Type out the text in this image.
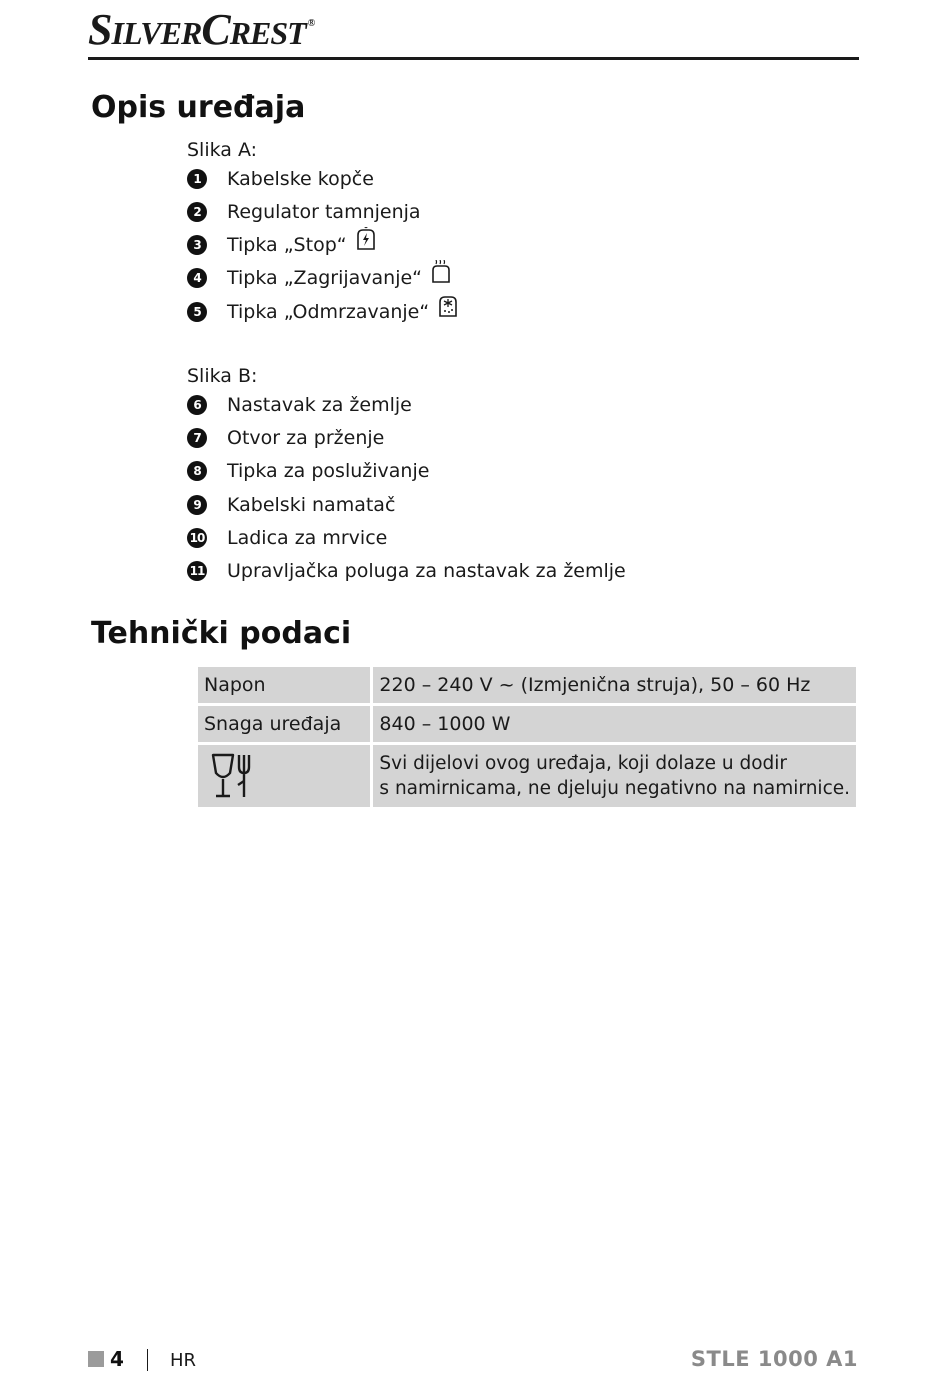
SILVERCREST ®
Opis uređaja
Slika A:
1	Kabelske kopče
2	Regulator tamnjenja
3	Tipka „Stop“
4	Tipka „Zagrijavanje“
5	Tipka „Odmrzavanje“
Slika B:
6	Nastavak za žemlje
7	Otvor za prženje
8	Tipka za posluživanje
9	Kabelski namatač
10 Ladica za mrvice
11 Upravljačka poluga za nastavak za žemlje
Tehnički podaci
Napon	220 – 240 V ~ (Izmjenična struja), 50 – 60 Hz
Snaga uređaja	840 – 1000 W

Svi dijelovi ovog uređaja, koji dolaze u dodir
s namirnicama, ne djeluju negativno na namirnice.
4	HR	STLE 1000 A1
